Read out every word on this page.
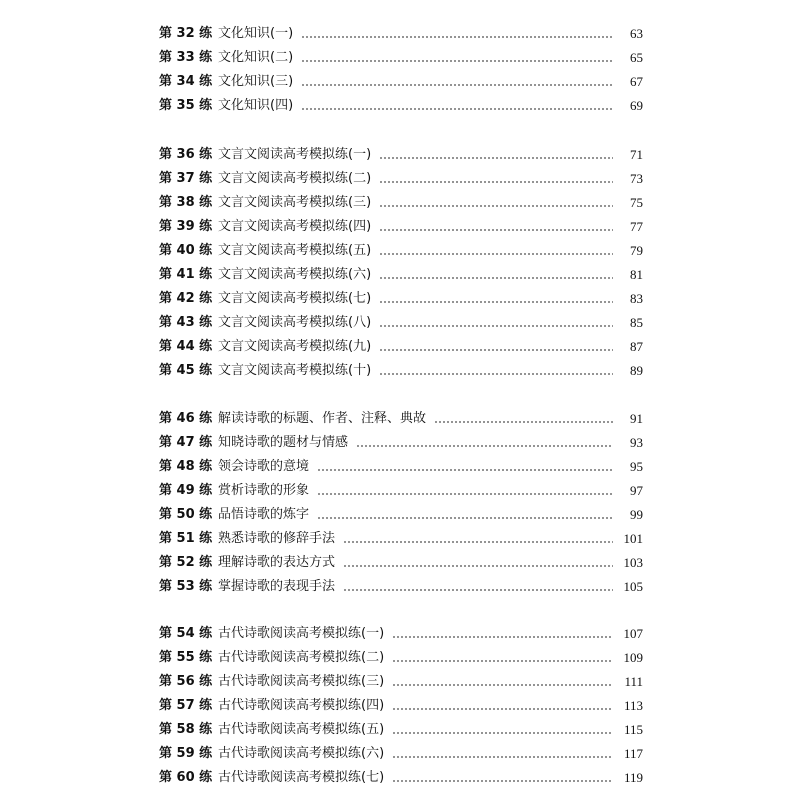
第 32 练 文化知识(一)	63
第 33 练 文化知识(二)	65
第 34 练 文化知识(三)	67
第 35 练 文化知识(四)	69
第 36 练 文言文阅读高考模拟练(一)	71
第 37 练 文言文阅读高考模拟练(二)	73
第 38 练 文言文阅读高考模拟练(三)	75
第 39 练 文言文阅读高考模拟练(四)	77
第 40 练 文言文阅读高考模拟练(五)	79
第 41 练 文言文阅读高考模拟练(六)	81
第 42 练 文言文阅读高考模拟练(七)	83
第 43 练 文言文阅读高考模拟练(八)	85
第 44 练 文言文阅读高考模拟练(九)	87
第 45 练 文言文阅读高考模拟练(十)	89
第 46 练 解读诗歌的标题、作者、注释、典故	91
第 47 练 知晓诗歌的题材与情感	93
第 48 练 领会诗歌的意境	95
第 49 练 赏析诗歌的形象	97
第 50 练 品悟诗歌的炼字	99
第 51 练 熟悉诗歌的修辞手法	101
第 52 练 理解诗歌的表达方式	103
第 53 练 掌握诗歌的表现手法	105
第 54 练 古代诗歌阅读高考模拟练(一)	107
第 55 练 古代诗歌阅读高考模拟练(二)	109
第 56 练 古代诗歌阅读高考模拟练(三)	111
第 57 练 古代诗歌阅读高考模拟练(四)	113
第 58 练 古代诗歌阅读高考模拟练(五)	115
第 59 练 古代诗歌阅读高考模拟练(六)	117
第 60 练 古代诗歌阅读高考模拟练(七)	119
